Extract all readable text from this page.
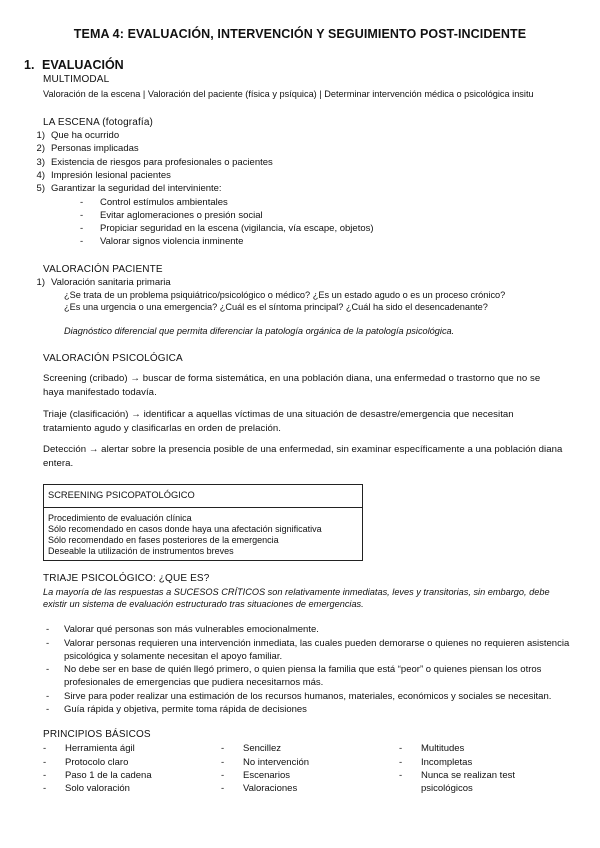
TEMA 4: EVALUACIÓN, INTERVENCIÓN Y SEGUIMIENTO POST-INCIDENTE
1. EVALUACIÓN
MULTIMODAL
Valoración de la escena | Valoración del paciente (física y psíquica) | Determinar intervención médica o psicológica insitu
LA ESCENA (fotografía)
1) Que ha ocurrido
2) Personas implicadas
3) Existencia de riesgos para profesionales o pacientes
4) Impresión lesional pacientes
5) Garantizar la seguridad del interviniente:
- Control estímulos ambientales
- Evitar aglomeraciones o presión social
- Propiciar seguridad en la escena (vigilancia, vía escape, objetos)
- Valorar signos violencia inminente
VALORACIÓN PACIENTE
1) Valoración sanitaria primaria
¿Se trata de un problema psiquiátrico/psicológico o médico? ¿Es un estado agudo o es un proceso crónico?
¿Es una urgencia o una emergencia? ¿Cuál es el síntoma principal? ¿Cuál ha sido el desencadenante?
Diagnóstico diferencial que permita diferenciar la patología orgánica de la patología psicológica.
VALORACIÓN PSICOLÓGICA
Screening (cribado) → buscar de forma sistemática, en una población diana, una enfermedad o trastorno que no se haya manifestado todavía.
Triaje (clasificación) → identificar a aquellas víctimas de una situación de desastre/emergencia que necesitan tratamiento agudo y clasificarlas en orden de prelación.
Detección → alertar sobre la presencia posible de una enfermedad, sin examinar específicamente a una población diana entera.
SCREENING PSICOPATOLÓGICO
Procedimiento de evaluación clínica
Sólo recomendado en casos donde haya una afectación significativa
Sólo recomendado en fases posteriores de la emergencia
Deseable la utilización de instrumentos breves
TRIAJE PSICOLÓGICO: ¿QUE ES?
La mayoría de las respuestas a SUCESOS CRÍTICOS son relativamente inmediatas, leves y transitorias, sin embargo, debe existir un sistema de evaluación estructurado tras situaciones de emergencias.
- Valorar qué personas son más vulnerables emocionalmente.
- Valorar personas requieren una intervención inmediata, las cuales pueden demorarse o quienes no requieren asistencia psicológica y solamente necesitan el apoyo familiar.
- No debe ser en base de quién llegó primero, o quien piensa la familia que está “peor” o quienes piensan los otros profesionales de emergencias que pudiera necesitarnos más.
- Sirve para poder realizar una estimación de los recursos humanos, materiales, económicos y sociales se necesitan.
- Guía rápida y objetiva, permite toma rápida de decisiones
PRINCIPIOS BÁSICOS
- Herramienta ágil
- Protocolo claro
- Paso 1 de la cadena
- Solo valoración
- Sencillez
- No intervención
- Escenarios
- Valoraciones
- Multitudes
- Incompletas
- Nunca se realizan test
psicológicos
